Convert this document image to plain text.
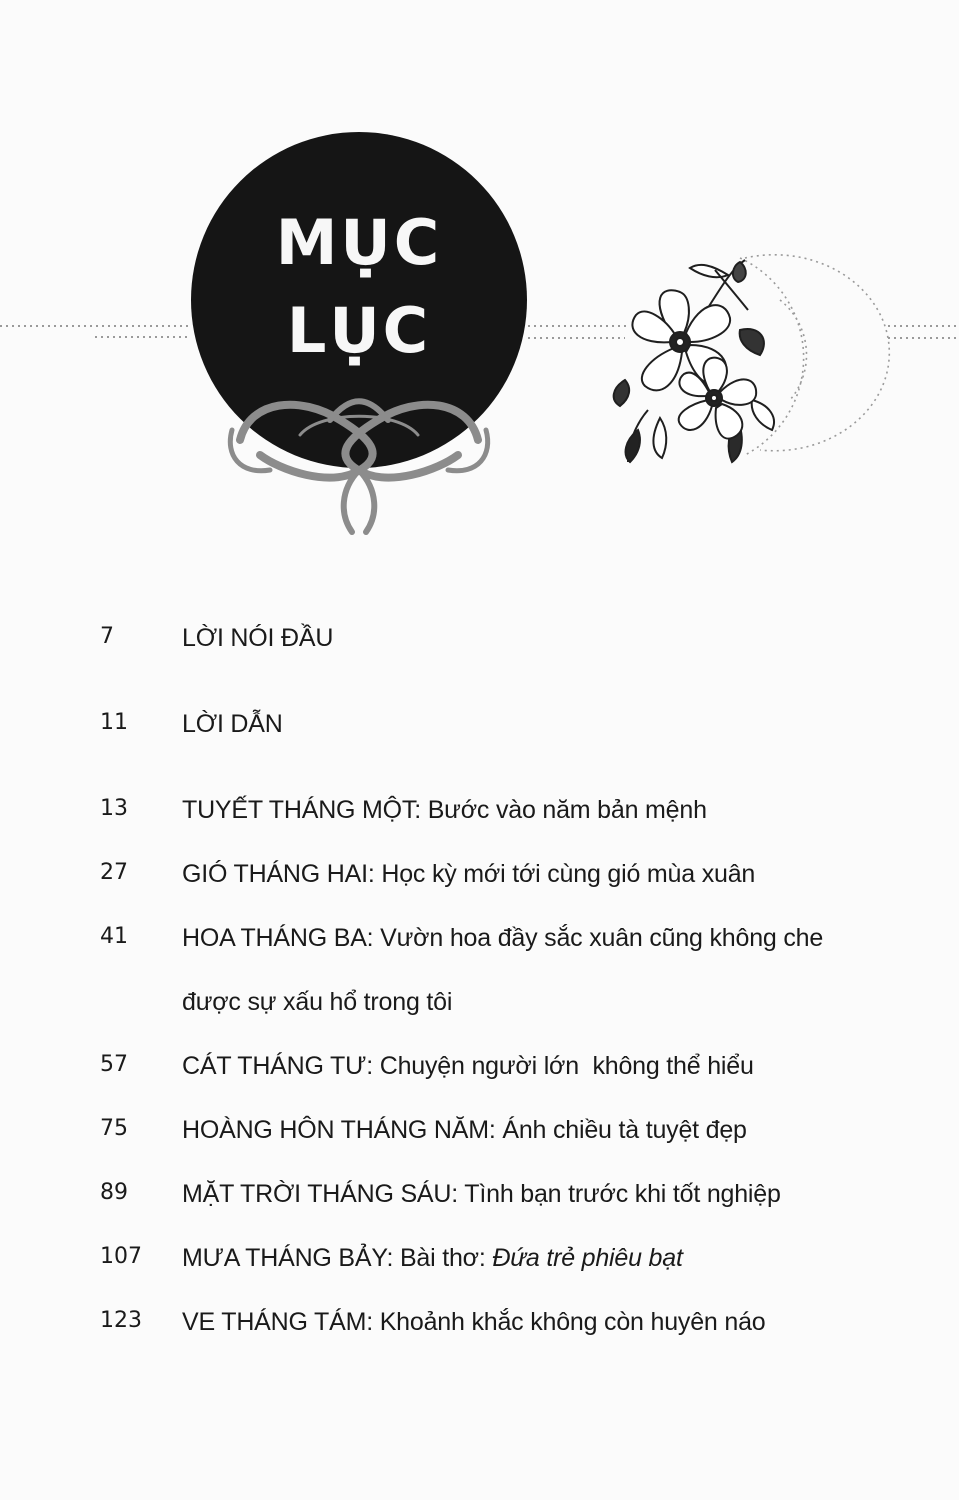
MỤC
LỤC
7	LỜI NÓI ĐẦU
11	LỜI DẪN
13	TUYẾT THÁNG MỘT: Bước vào năm bản mệnh
27	GIÓ THÁNG HAI: Học kỳ mới tới cùng gió mùa xuân
41	HOA THÁNG BA: Vườn hoa đầy sắc xuân cũng không che
được sự xấu hổ trong tôi
57	CÁT THÁNG TƯ: Chuyện người lớn  không thể hiểu
75	HOÀNG HÔN THÁNG NĂM: Ánh chiều tà tuyệt đẹp
89	MẶT TRỜI THÁNG SÁU: Tình bạn trước khi tốt nghiệp
107	MƯA THÁNG BẢY: Bài thơ: Đứa trẻ phiêu bạt
123	VE THÁNG TÁM: Khoảnh khắc không còn huyên náo
